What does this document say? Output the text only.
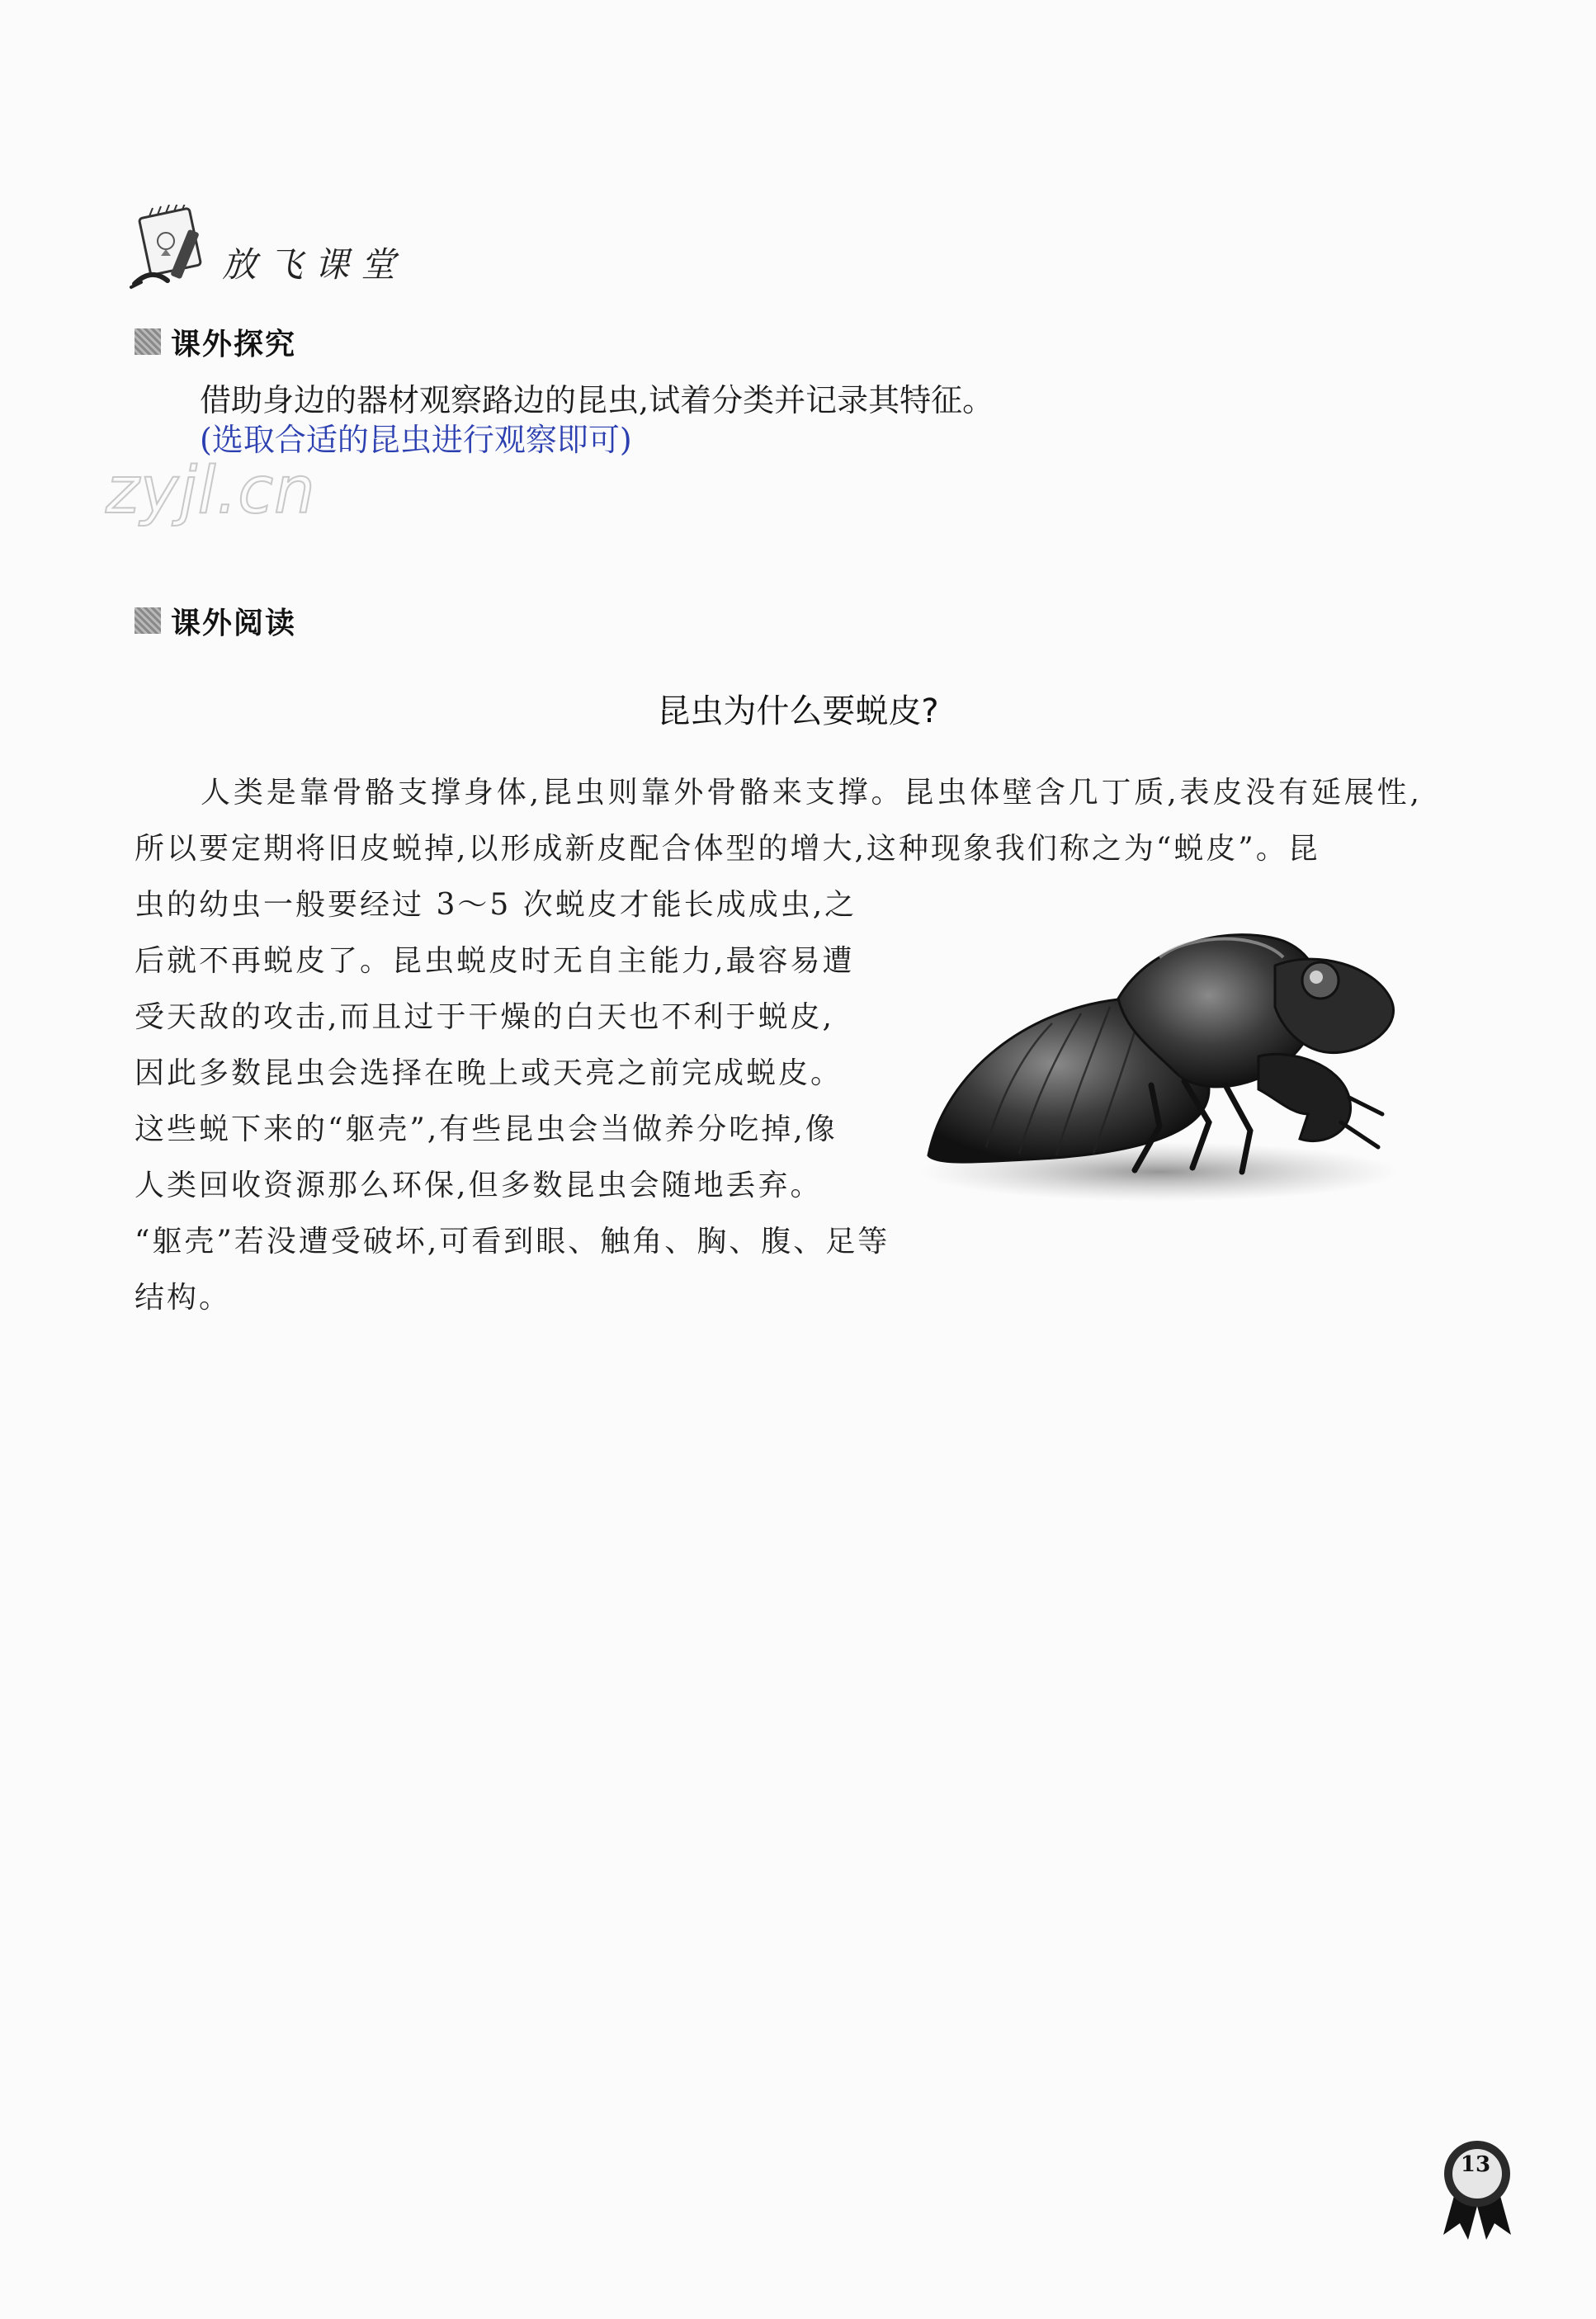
放飞课堂
课外探究
借助身边的器材观察路边的昆虫,试着分类并记录其特征。
(选取合适的昆虫进行观察即可)
zyjl.cn
课外阅读
昆虫为什么要蜕皮?

人类是靠骨骼支撑身体,昆虫则靠外骨骼来支撑。昆虫体壁含几丁质,表皮没有延展性,所以要定期将旧皮蜕掉,以形成新皮配合体型的增大,这种现象我们称之为“蜕皮”。昆

虫的幼虫一般要经过 3～5 次蜕皮才能长成成虫,之

后就不再蜕皮了。昆虫蜕皮时无自主能力,最容易遭

受天敌的攻击,而且过于干燥的白天也不利于蜕皮,

因此多数昆虫会选择在晚上或天亮之前完成蜕皮。

这些蜕下来的“躯壳”,有些昆虫会当做养分吃掉,像

人类回收资源那么环保,但多数昆虫会随地丢弃。

“躯壳”若没遭受破坏,可看到眼、触角、胸、腹、足等

结构。

13
